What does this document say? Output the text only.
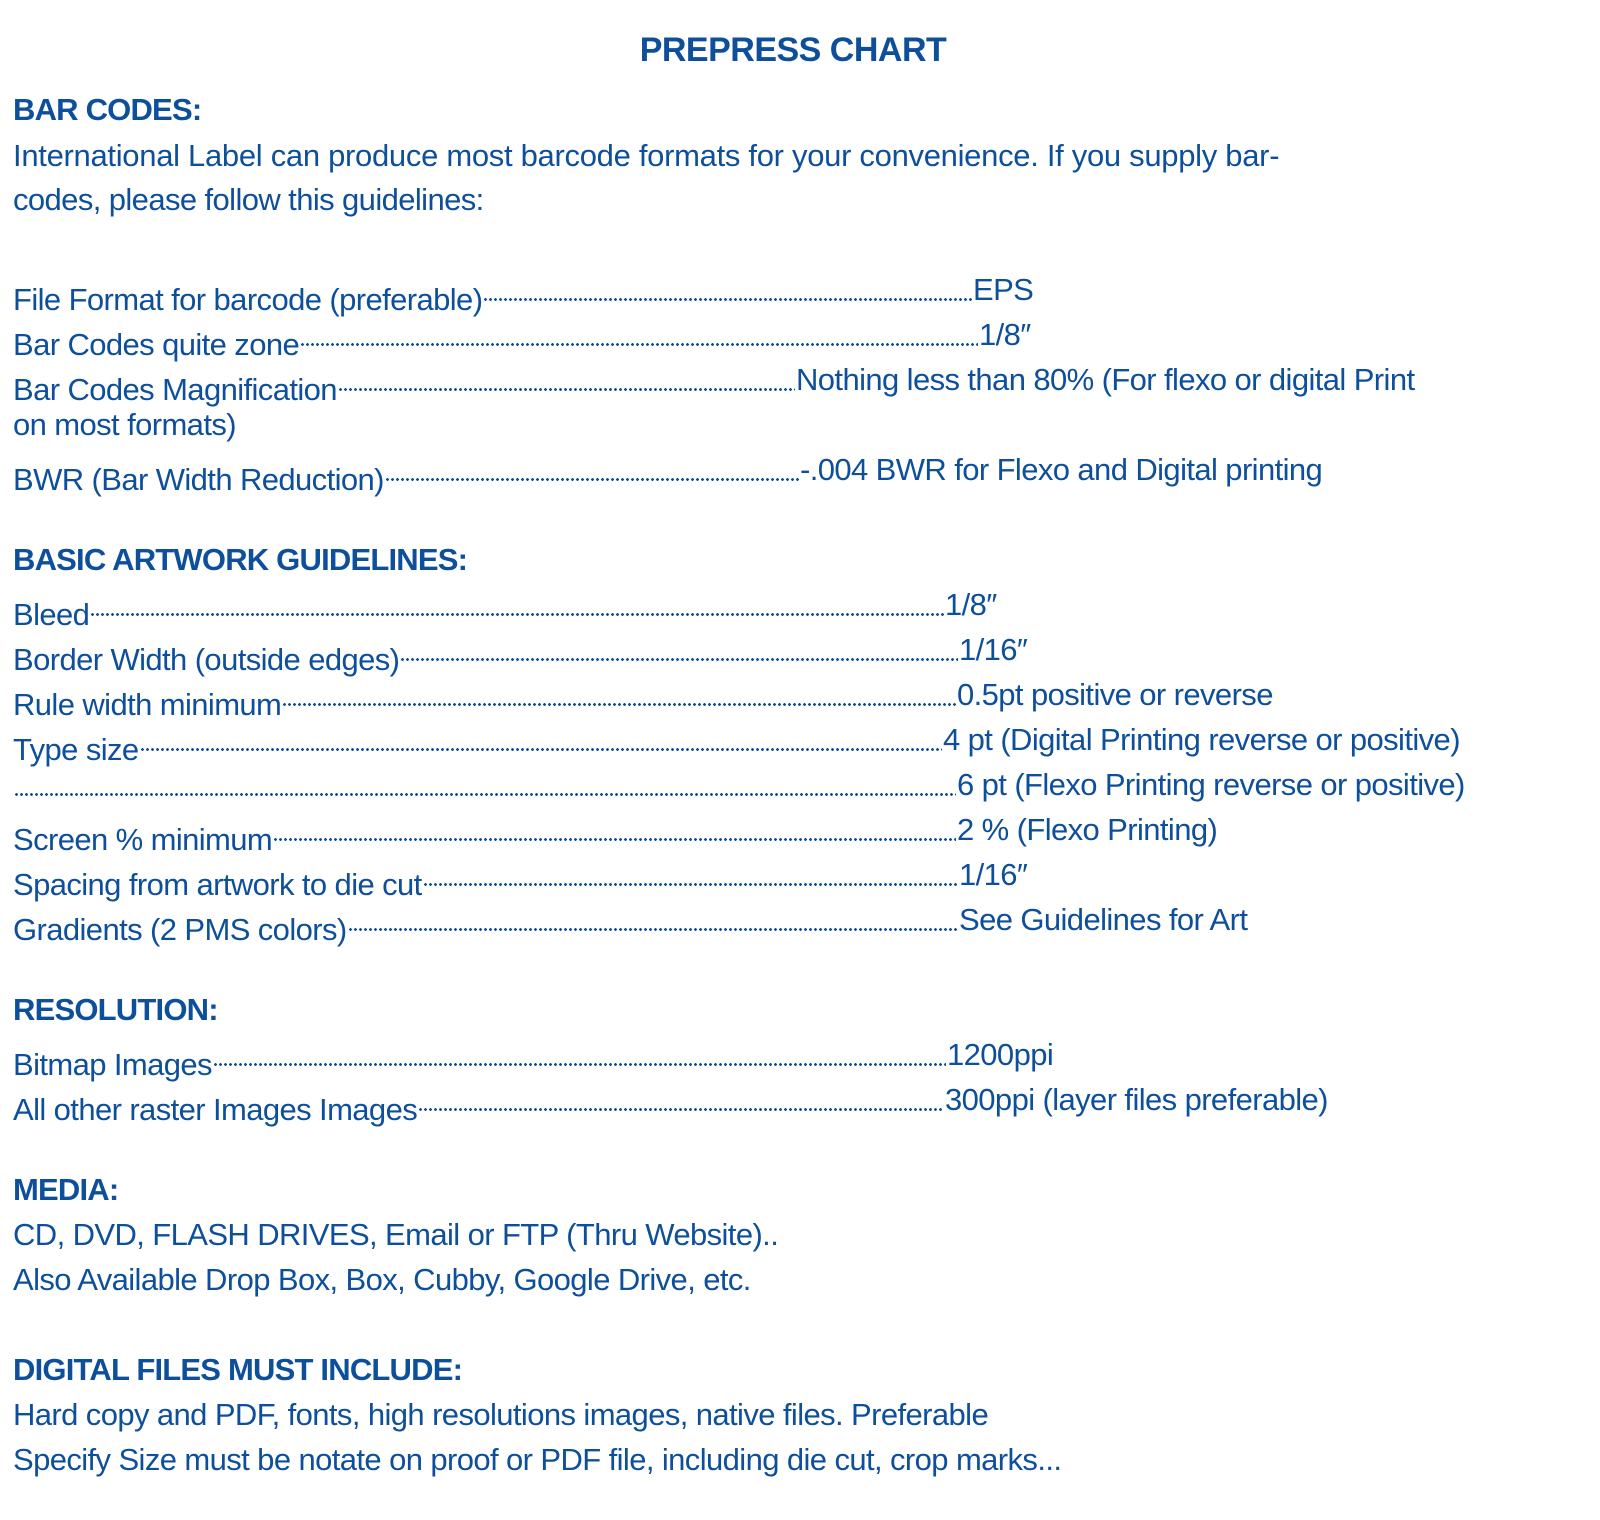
PREPRESS CHART
BAR CODES:
International Label can produce most barcode formats for your convenience. If you supply bar-
codes, please follow this guidelines:
File Format for barcode (preferable)	EPS
Bar Codes quite zone	1/8″
Bar Codes Magnification	Nothing less than 80% (For flexo or digital Print
on most formats)
BWR (Bar Width Reduction)	-.004 BWR for Flexo and Digital printing
BASIC ARTWORK GUIDELINES:
Bleed	1/8″
Border Width (outside edges)	1/16″
Rule width minimum	0.5pt positive or reverse
Type size	4 pt (Digital Printing reverse or positive)
6 pt (Flexo Printing reverse or positive)
Screen % minimum	2 % (Flexo Printing)
Spacing from artwork to die cut	1/16″
Gradients (2 PMS colors)	See Guidelines for Art
RESOLUTION:
Bitmap Images	1200ppi
All other raster Images Images	300ppi (layer files preferable)
MEDIA:
CD, DVD, FLASH DRIVES, Email or FTP (Thru Website)..
Also Available Drop Box, Box, Cubby, Google Drive, etc.
DIGITAL FILES MUST INCLUDE:
Hard copy and PDF, fonts, high resolutions images, native files. Preferable
Specify Size must be notate on proof or PDF file, including die cut, crop marks...
